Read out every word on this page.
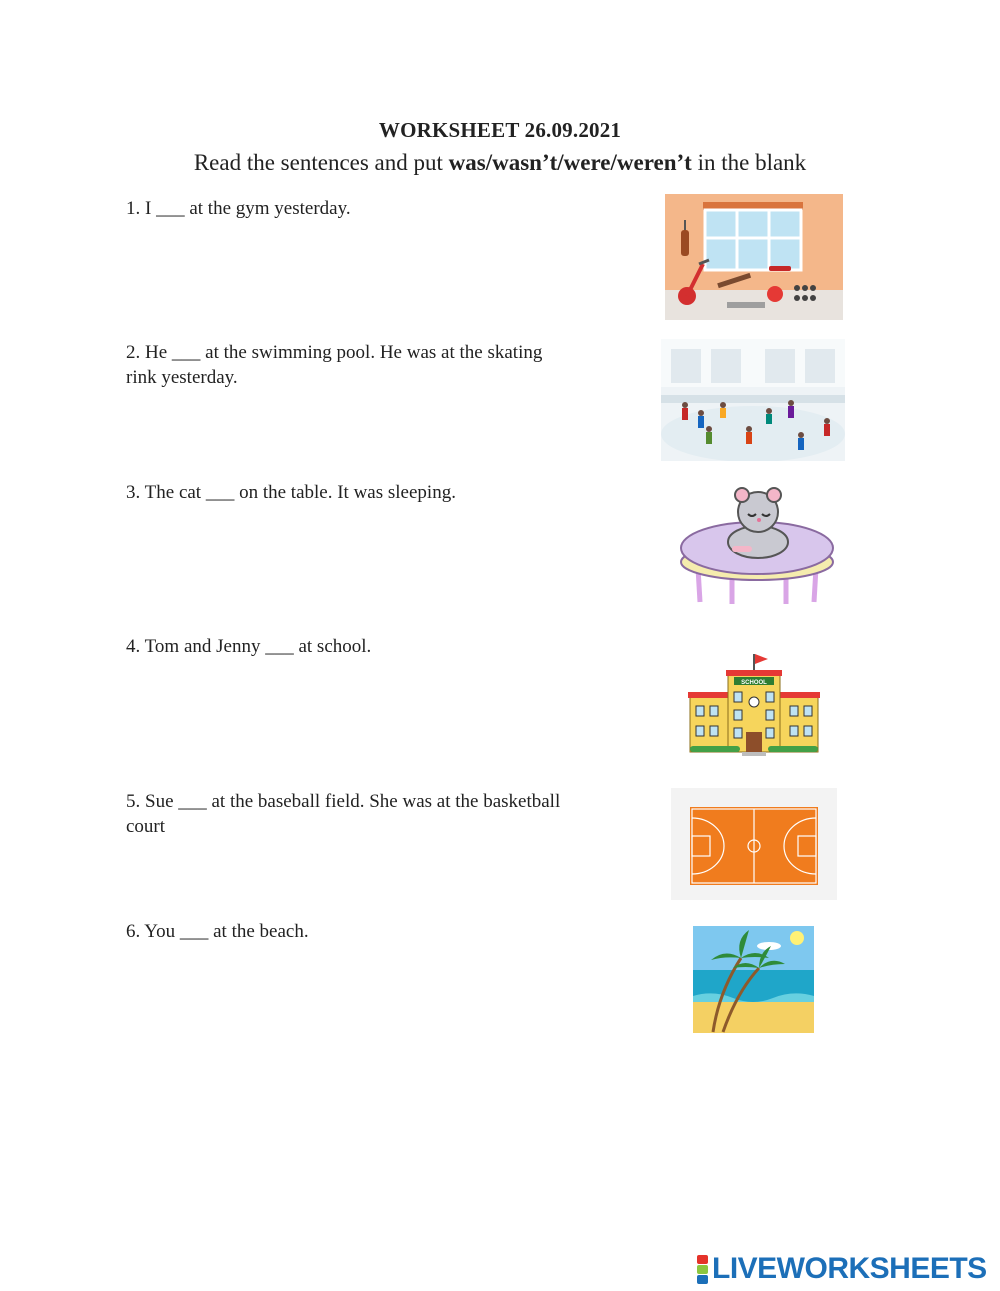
WORKSHEET 26.09.2021
Read the sentences and put was/wasn’t/were/weren’t in the blank
1. I ___ at the gym yesterday.
2. He ___ at the swimming pool. He was at the skating rink yesterday.
3. The cat ___ on the table. It was sleeping.
4. Tom and Jenny ___ at school.
5. Sue ___ at the baseball field. She was at the basketball court
6. You ___ at the beach.
SCHOOL
LIVEWORKSHEETS
